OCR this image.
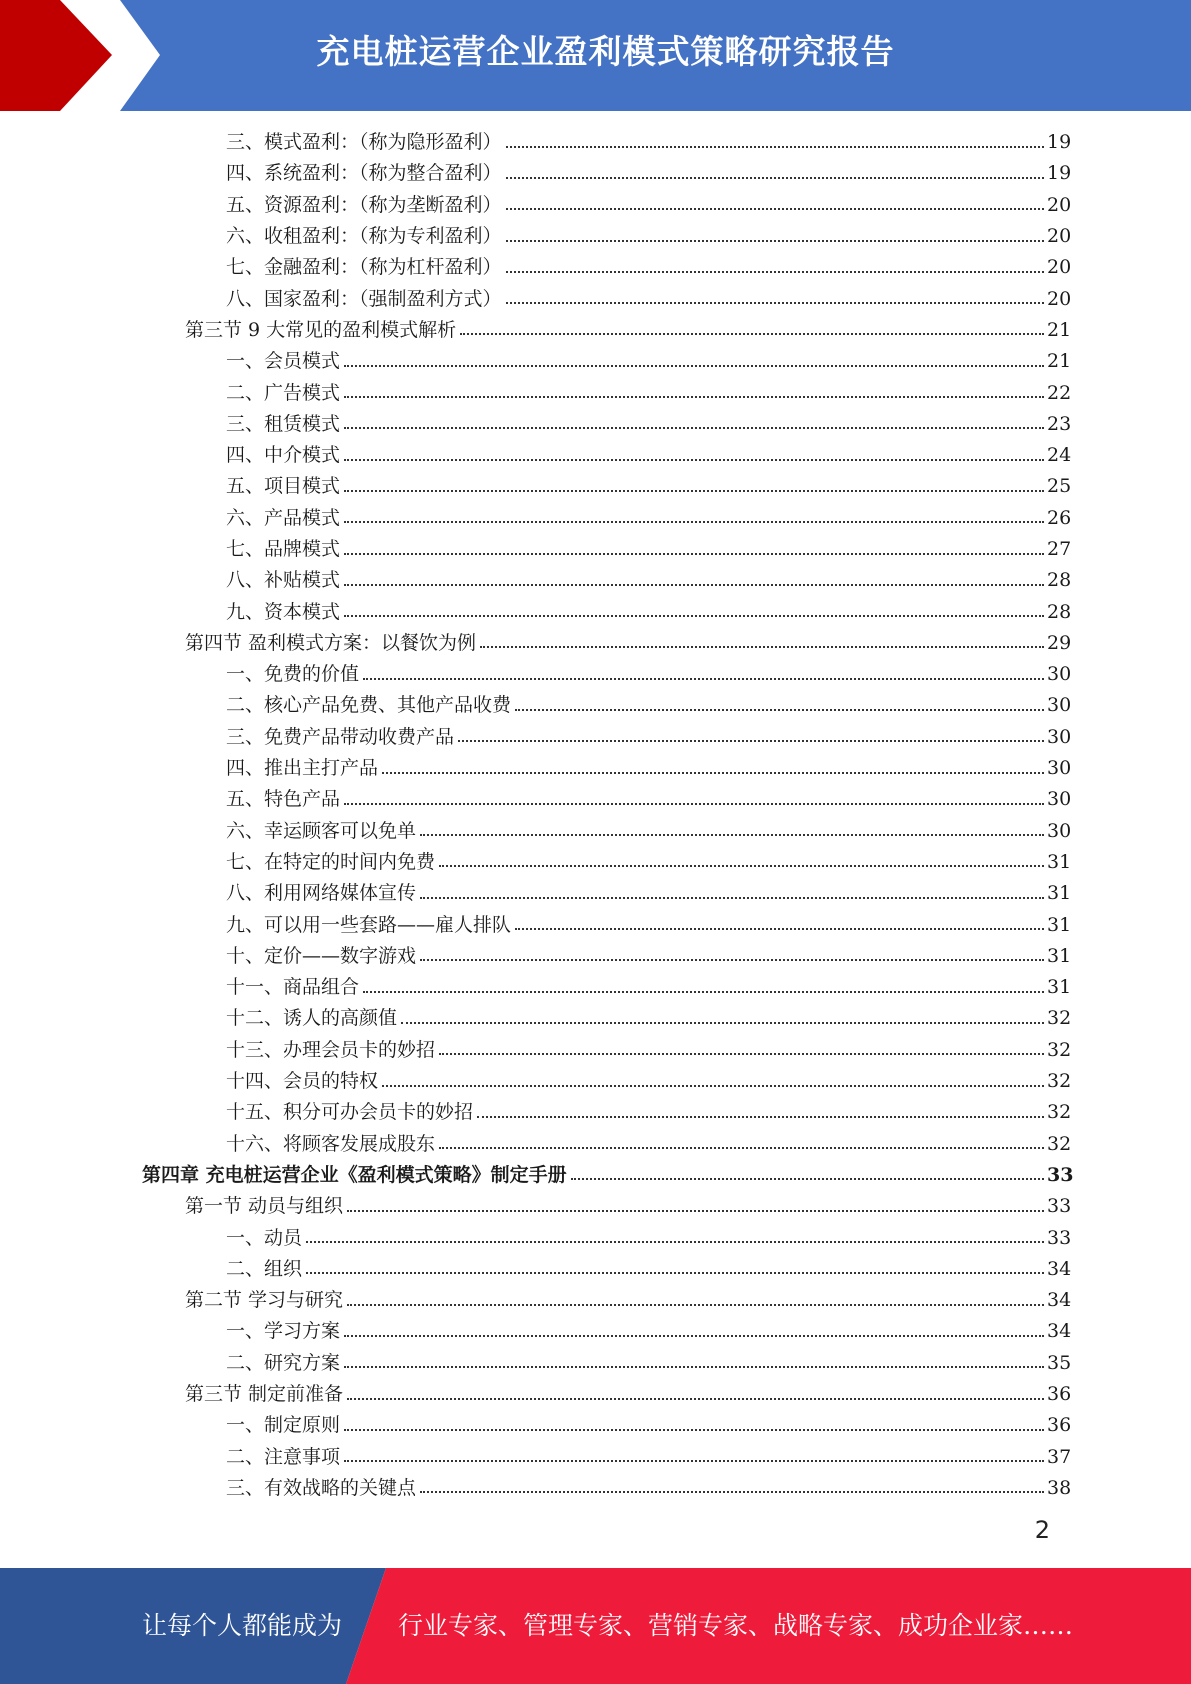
充电桩运营企业盈利模式策略研究报告
三、模式盈利：（称为隐形盈利）	19
四、系统盈利：（称为整合盈利）	19
五、资源盈利：（称为垄断盈利）	20
六、收租盈利：（称为专利盈利）	20
七、金融盈利：（称为杠杆盈利）	20
八、国家盈利：（强制盈利方式）	20
第三节 9 大常见的盈利模式解析	21
一、会员模式	21
二、广告模式	22
三、租赁模式	23
四、中介模式	24
五、项目模式	25
六、产品模式	26
七、品牌模式	27
八、补贴模式	28
九、资本模式	28
第四节 盈利模式方案：以餐饮为例	29
一、免费的价值	30
二、核心产品免费、其他产品收费	30
三、免费产品带动收费产品	30
四、推出主打产品	30
五、特色产品	30
六、幸运顾客可以免单	30
七、在特定的时间内免费	31
八、利用网络媒体宣传	31
九、可以用一些套路——雇人排队	31
十、定价——数字游戏	31
十一、商品组合	31
十二、诱人的高颜值	32
十三、办理会员卡的妙招	32
十四、会员的特权	32
十五、积分可办会员卡的妙招	32
十六、将顾客发展成股东	32
第四章 充电桩运营企业《盈利模式策略》制定手册	33
第一节 动员与组织	33
一、动员	33
二、组织	34
第二节 学习与研究	34
一、学习方案	34
二、研究方案	35
第三节 制定前准备	36
一、制定原则	36
二、注意事项	37
三、有效战略的关键点	38
2
让每个人都能成为 行业专家、管理专家、营销专家、战略专家、成功企业家……
